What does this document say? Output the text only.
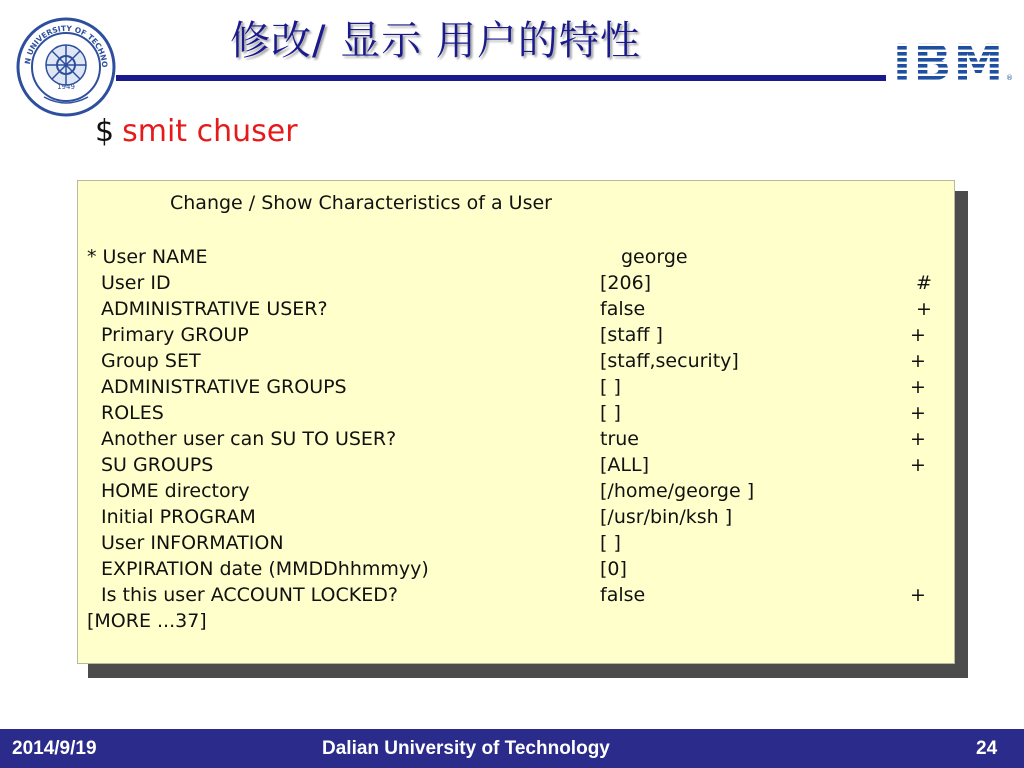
N UNIVERSITY OF TECHNO
1949
修改/ 显示 用户的特性	IBM ®
$ smit chuser
Change / Show Characteristics of a User
* User NAME	george
User ID	[206]	#
ADMINISTRATIVE USER?	false	+
Primary GROUP	[staff ]	+
Group SET	[staff,security]	+
ADMINISTRATIVE GROUPS	[ ]	+
ROLES	[ ]	+
Another user can SU TO USER?	true	+
SU GROUPS	[ALL]	+
HOME directory	[/home/george ]
Initial PROGRAM	[/usr/bin/ksh ]
User INFORMATION	[ ]
EXPIRATION date (MMDDhhmmyy)	[0]
Is this user ACCOUNT LOCKED?	false	+
[MORE ...37]
2014/9/19	Dalian University of Technology	24
